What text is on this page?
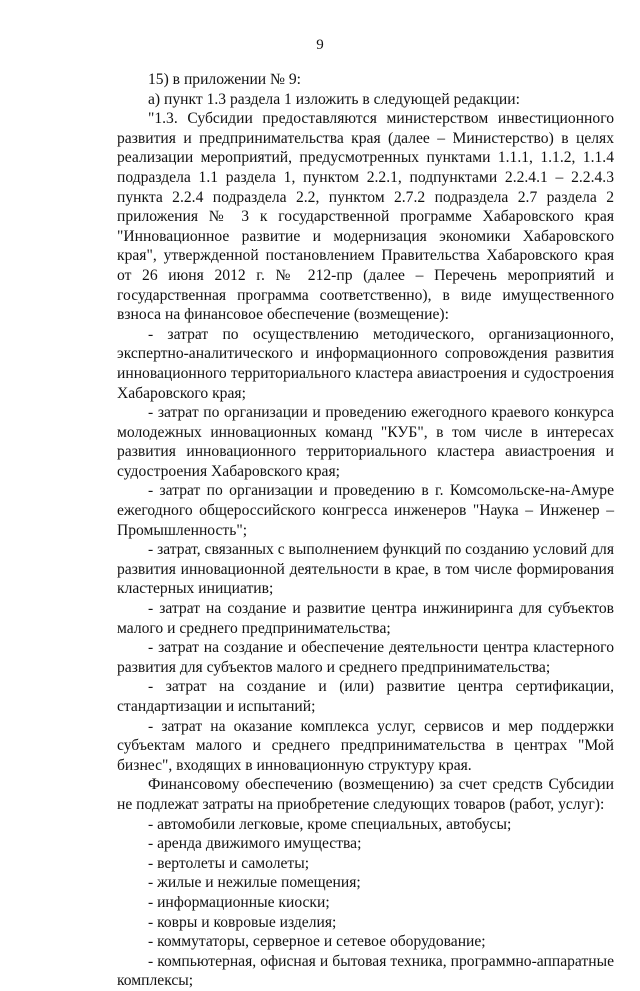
9

15) в приложении № 9:

а) пункт 1.3 раздела 1 изложить в следующей редакции:

"1.3. Субсидии предоставляются министерством инвестиционного развития и предпринимательства края (далее – Министерство) в целях реализации мероприятий, предусмотренных пунктами 1.1.1, 1.1.2, 1.1.4 подраздела 1.1 раздела 1, пунктом 2.2.1, подпунктами 2.2.4.1 – 2.2.4.3 пункта 2.2.4 подраздела 2.2, пунктом 2.7.2 подраздела 2.7 раздела 2 приложения № 3 к государственной программе Хабаровского края "Инновационное развитие и модернизация экономики Хабаровского края", утвержденной постановлением Правительства Хабаровского края от 26 июня 2012 г. № 212-пр (далее – Перечень мероприятий и государственная программа соответственно), в виде имущественного взноса на финансовое обеспечение (возмещение):

- затрат по осуществлению методического, организационного, экспертно-аналитического и информационного сопровождения развития инновационного территориального кластера авиастроения и судостроения Хабаровского края;

- затрат по организации и проведению ежегодного краевого конкурса молодежных инновационных команд "КУБ", в том числе в интересах развития инновационного территориального кластера авиастроения и судостроения Хабаровского края;

- затрат по организации и проведению в г. Комсомольске-на-Амуре ежегодного общероссийского конгресса инженеров "Наука – Инженер – Промышленность";

- затрат, связанных с выполнением функций по созданию условий для развития инновационной деятельности в крае, в том числе формирования кластерных инициатив;

- затрат на создание и развитие центра инжиниринга для субъектов малого и среднего предпринимательства;

- затрат на создание и обеспечение деятельности центра кластерного развития для субъектов малого и среднего предпринимательства;

- затрат на создание и (или) развитие центра сертификации, стандартизации и испытаний;

- затрат на оказание комплекса услуг, сервисов и мер поддержки субъектам малого и среднего предпринимательства в центрах "Мой бизнес", входящих в инновационную структуру края.

Финансовому обеспечению (возмещению) за счет средств Субсидии не подлежат затраты на приобретение следующих товаров (работ, услуг):

- автомобили легковые, кроме специальных, автобусы;

- аренда движимого имущества;

- вертолеты и самолеты;

- жилые и нежилые помещения;

- информационные киоски;

- ковры и ковровые изделия;

- коммутаторы, серверное и сетевое оборудование;

- компьютерная, офисная и бытовая техника, программно-аппаратные комплексы;
